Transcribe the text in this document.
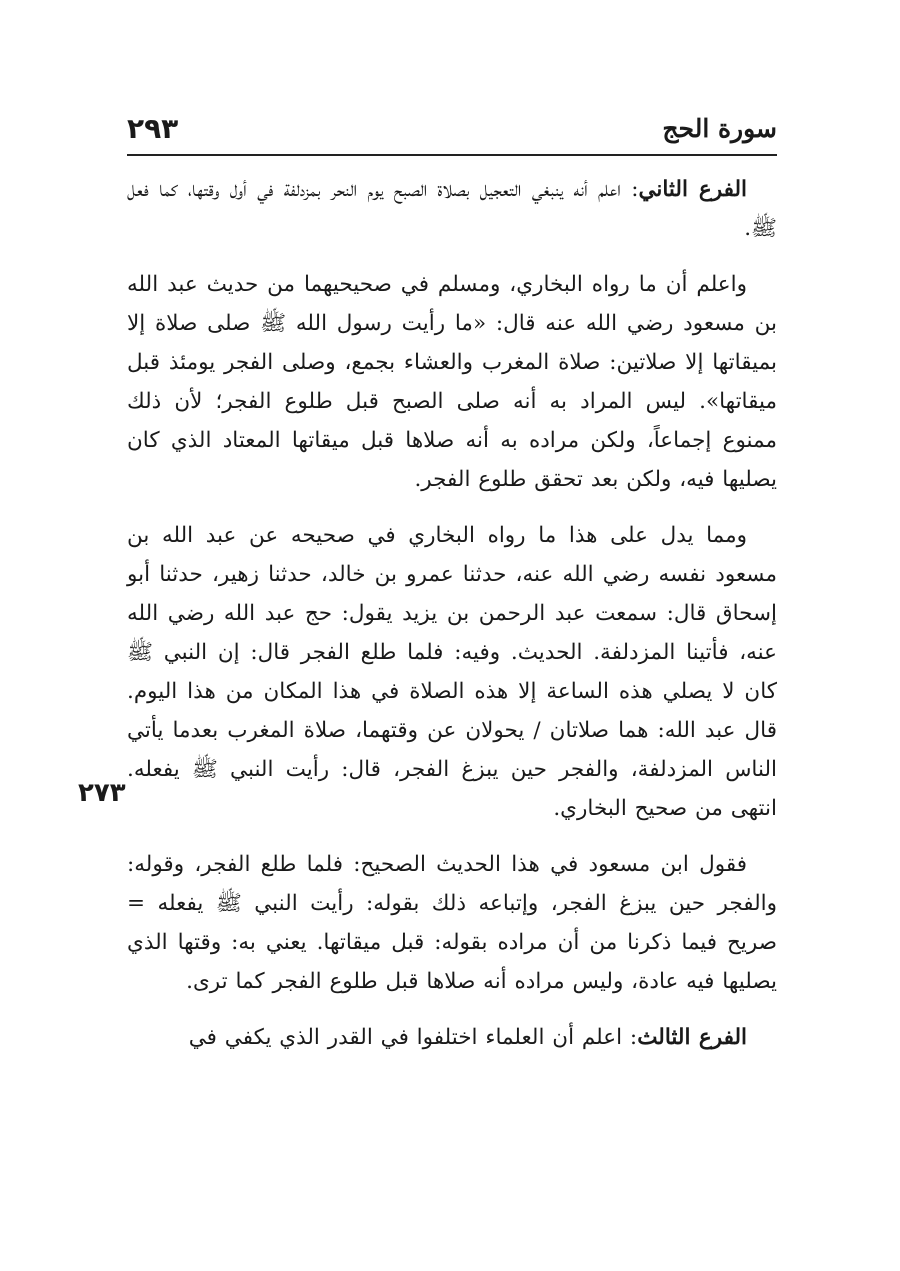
سورة الحج
٢٩٣
٢٧٣

الفرع الثاني: اعلم أنه ينبغي التعجيل بصلاة الصبح يوم النحر بمزدلفة في أول وقتها، كما فعل ﷺ.

واعلم أن ما رواه البخاري، ومسلم في صحيحيهما من حديث عبد الله بن مسعود رضي الله عنه قال: «ما رأيت رسول الله ﷺ صلى صلاة إلا بميقاتها إلا صلاتين: صلاة المغرب والعشاء بجمع، وصلى الفجر يومئذ قبل ميقاتها». ليس المراد به أنه صلى الصبح قبل طلوع الفجر؛ لأن ذلك ممنوع إجماعاً، ولكن مراده به أنه صلاها قبل ميقاتها المعتاد الذي كان يصليها فيه، ولكن بعد تحقق طلوع الفجر.

ومما يدل على هذا ما رواه البخاري في صحيحه عن عبد الله بن مسعود نفسه رضي الله عنه، حدثنا عمرو بن خالد، حدثنا زهير، حدثنا أبو إسحاق قال: سمعت عبد الرحمن بن يزيد يقول: حج عبد الله رضي الله عنه، فأتينا المزدلفة. الحديث. وفيه: فلما طلع الفجر قال: إن النبي ﷺ كان لا يصلي هذه الساعة إلا هذه الصلاة في هذا المكان من هذا اليوم. قال عبد الله: هما صلاتان / يحولان عن وقتهما، صلاة المغرب بعدما يأتي الناس المزدلفة، والفجر حين يبزغ الفجر، قال: رأيت النبي ﷺ يفعله. انتهى من صحيح البخاري.

فقول ابن مسعود في هذا الحديث الصحيح: فلما طلع الفجر، وقوله: والفجر حين يبزغ الفجر، وإتباعه ذلك بقوله: رأيت النبي ﷺ يفعله = صريح فيما ذكرنا من أن مراده بقوله: قبل ميقاتها. يعني به: وقتها الذي يصليها فيه عادة، وليس مراده أنه صلاها قبل طلوع الفجر كما ترى.

الفرع الثالث: اعلم أن العلماء اختلفوا في القدر الذي يكفي في
